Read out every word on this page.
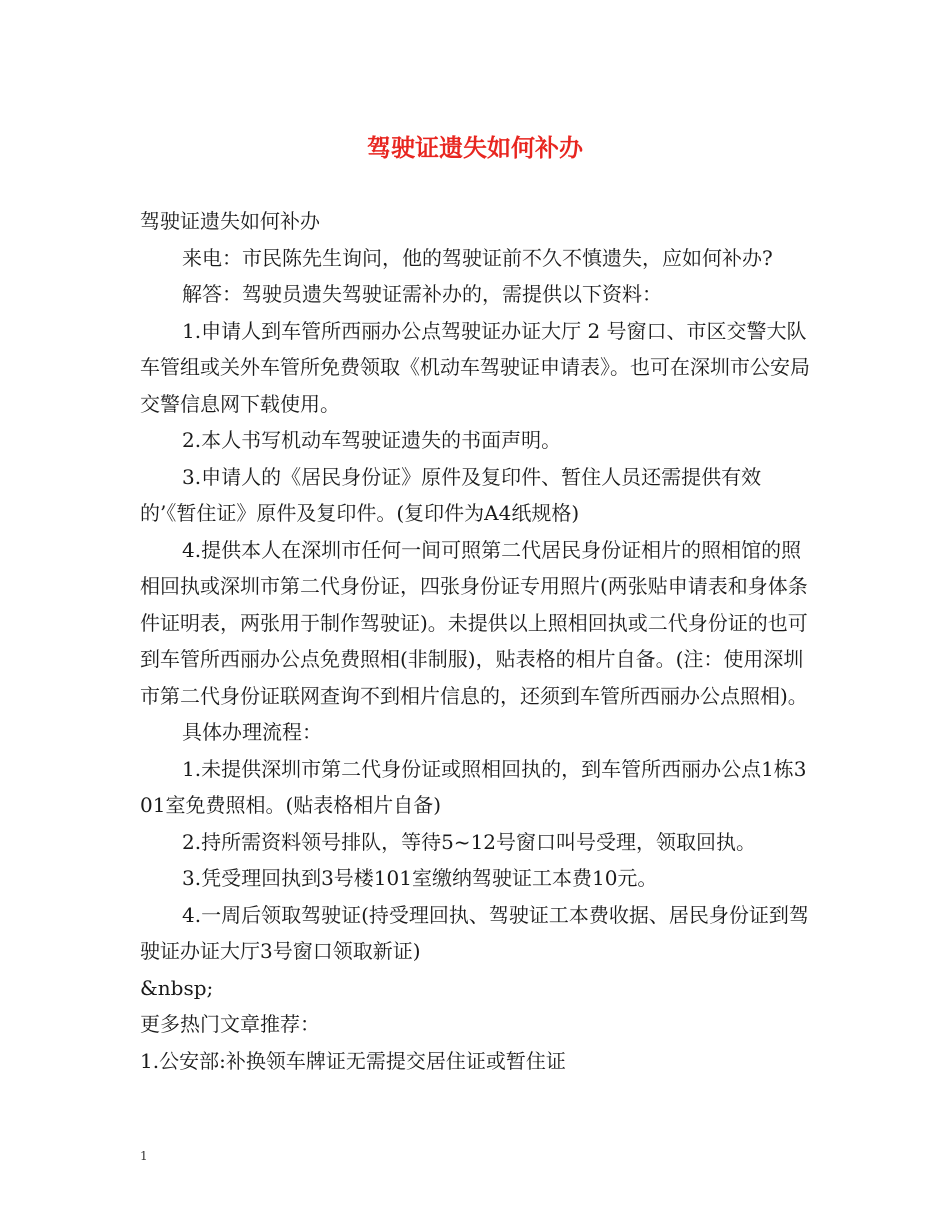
驾驶证遗失如何补办

驾驶证遗失如何补办

来电：市民陈先生询问，他的驾驶证前不久不慎遗失，应如何补办?

解答：驾驶员遗失驾驶证需补办的，需提供以下资料：

1.申请人到车管所西丽办公点驾驶证办证大厅 2 号窗口、市区交警大队车管组或关外车管所免费领取《机动车驾驶证申请表》。也可在深圳市公安局交警信息网下载使用。

2.本人书写机动车驾驶证遗失的书面声明。

3.申请人的《居民身份证》原件及复印件、暂住人员还需提供有效的’《暂住证》原件及复印件。(复印件为A4纸规格)

4.提供本人在深圳市任何一间可照第二代居民身份证相片的照相馆的照相回执或深圳市第二代身份证，四张身份证专用照片(两张贴申请表和身体条件证明表，两张用于制作驾驶证)。未提供以上照相回执或二代身份证的也可到车管所西丽办公点免费照相(非制服)，贴表格的相片自备。(注：使用深圳市第二代身份证联网查询不到相片信息的，还须到车管所西丽办公点照相)。

具体办理流程：

1.未提供深圳市第二代身份证或照相回执的，到车管所西丽办公点1栋301室免费照相。(贴表格相片自备)

2.持所需资料领号排队，等待5~12号窗口叫号受理，领取回执。

3.凭受理回执到3号楼101室缴纳驾驶证工本费10元。

4.一周后领取驾驶证(持受理回执、驾驶证工本费收据、居民身份证到驾驶证办证大厅3号窗口领取新证)

&nbsp;

更多热门文章推荐：

1.公安部:补换领车牌证无需提交居住证或暂住证

1
